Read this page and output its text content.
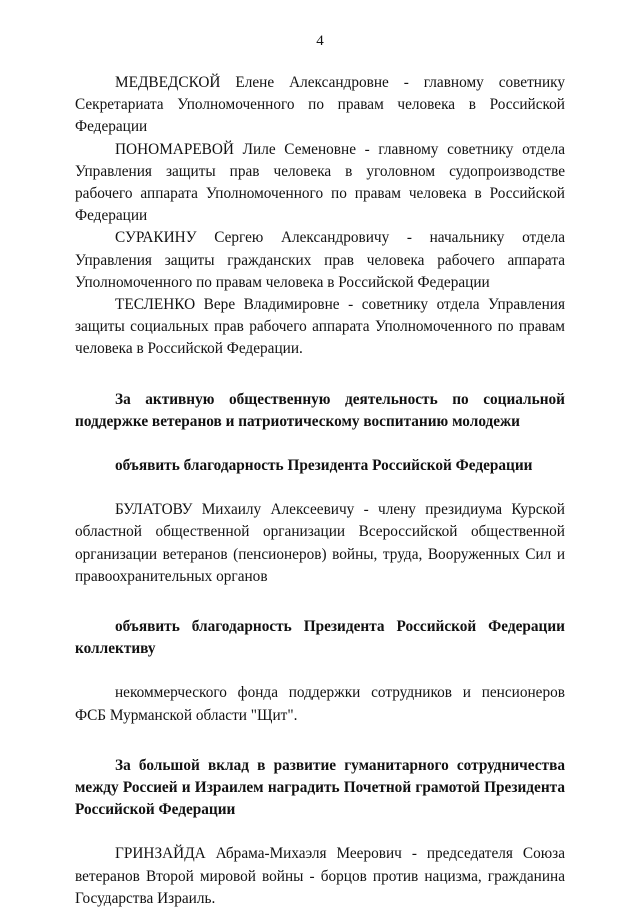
4

МЕДВЕДСКОЙ Елене Александровне - главному советнику Секретариата Уполномоченного по правам человека в Российской Федерации

ПОНОМАРЕВОЙ Лиле Семеновне - главному советнику отдела Управления защиты прав человека в уголовном судопроизводстве рабочего аппарата Уполномоченного по правам человека в Российской Федерации

СУРАКИНУ Сергею Александровичу - начальнику отдела Управления защиты гражданских прав человека рабочего аппарата Уполномоченного по правам человека в Российской Федерации

ТЕСЛЕНКО Вере Владимировне - советнику отдела Управления защиты социальных прав рабочего аппарата Уполномоченного по правам человека в Российской Федерации.

За активную общественную деятельность по социальной поддержке ветеранов и патриотическому воспитанию молодежи

объявить благодарность Президента Российской Федерации

БУЛАТОВУ Михаилу Алексеевичу - члену президиума Курской областной общественной организации Всероссийской общественной организации ветеранов (пенсионеров) войны, труда, Вооруженных Сил и правоохранительных органов

объявить благодарность Президента Российской Федерации коллективу

некоммерческого фонда поддержки сотрудников и пенсионеров ФСБ Мурманской области "Щит".

За большой вклад в развитие гуманитарного сотрудничества между Россией и Израилем наградить Почетной грамотой Президента Российской Федерации

ГРИНЗАЙДА Абрама-Михаэля Меерович - председателя Союза ветеранов Второй мировой войны - борцов против нацизма, гражданина Государства Израиль.
